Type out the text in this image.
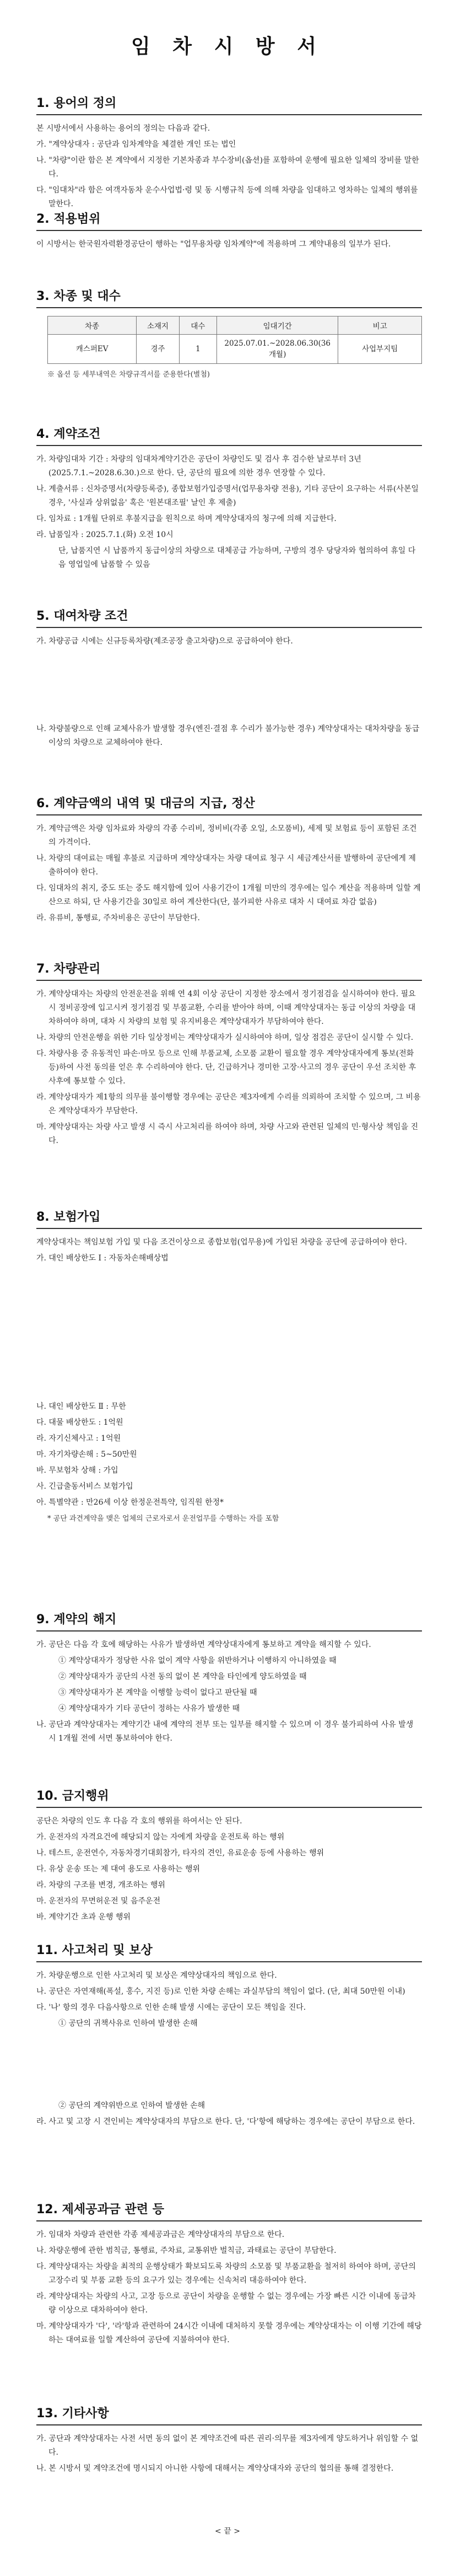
임 차 시 방 서
1. 용어의 정의

본 시방서에서 사용하는 용어의 정의는 다음과 같다.

가. "계약상대자 : 공단과 임차계약을 체결한 개인 또는 법인

나. "차량"이란 함은 본 계약에서 지정한 기본차종과 부수장비(옵션)를 포함하여 운행에 필요한 일체의 장비를 말한다.

다. "임대차"라 함은 여객자동차 운수사업법·령 및 동 시행규칙 등에 의해 차량을 임대하고 영차하는 일체의 행위를 말한다.

2. 적용범위

이 시방서는 한국원자력환경공단이 행하는 "업무용차량 임차계약"에 적용하며 그 계약내용의 일부가 된다.

3. 차종 및 대수
차종	소재지	대수	임대기간	비고
캐스퍼EV	경주	1	2025.07.01.~2028.06.30(36개월)	사업부지팀
※ 옵션 등 세부내역은 차량규격서를 준용한다(별첨)
4. 계약조건

가. 차량임대차 기간 : 차량의 임대차계약기간은 공단이 차량인도 및 검사 후 검수한 날로부터 3년(2025.7.1.~2028.6.30.)으로 한다. 단, 공단의 필요에 의한 경우 연장할 수 있다.

나. 계출서류 : 신차증명서(차량등록증), 종합보험가입증명서(업무용차량 전용), 기타 공단이 요구하는 서류(사본일 경우, '사실과 상위없음' 혹은 '원본대조필' 날인 후 제출)

다. 임차료 : 1개월 단위로 후불지급을 원칙으로 하며 계약상대자의 청구에 의해 지급한다.

라. 납품일자 : 2025.7.1.(화) 오전 10시

단, 납품지연 시 납품까지 동급이상의 차량으로 대체공급 가능하며, 구방의 경우 당당자와 협의하여 휴일 다음 영업일에 납품할 수 있음

5. 대여차량 조건

가. 차량공급 시에는 신규등록차량(제조공장 출고차량)으로 공급하여야 한다.

나. 차량불량으로 인해 교체사유가 발생할 경우(엔진·결점 후 수리가 불가능한 경우) 계약상대자는 대차차량을 동급 이상의 차량으로 교체하여야 한다.

6. 계약금액의 내역 및 대금의 지급, 정산

가. 계약금액은 차량 임차료와 차량의 각종 수리비, 정비비(각종 오일, 소모품비), 세제 및 보험료 등이 포함된 조건의 가격이다.

나. 차량의 대여료는 매월 후불로 지급하며 계약상대자는 차량 대여료 청구 시 세금계산서를 발행하여 공단에게 제출하여야 한다.

다. 임대차의 취지, 중도 또는 중도 해지함에 있어 사용기간이 1개월 미만의 경우에는 일수 계산을 적용하며 일할 계산으로 하되, 단 사용기간을 30일로 하여 계산한다(단, 불가피한 사유로 대차 시 대여료 차감 없음)

라. 유류비, 통행료, 주차비용은 공단이 부담한다.

7. 차량관리

가. 계약상대자는 차량의 안전운전을 위해 연 4회 이상 공단이 지정한 장소에서 정기점검을 실시하여야 한다. 필요시 정비공장에 입고시켜 정기점검 및 부품교환, 수리를 받아야 하며, 이때 계약상대자는 동급 이상의 차량을 대차하여야 하며, 대차 시 차량의 보험 및 유지비용은 계약상대자가 부담하여야 한다.

나. 차량의 안전운행을 위한 기타 일상정비는 계약상대자가 실시하여야 하며, 일상 점검은 공단이 실시할 수 있다.

다. 차량사용 중 유동적인 파손·마모 등으로 인해 부품교체, 소모품 교환이 필요할 경우 계약상대자에게 통보(전화 등)하여 사전 동의를 얻은 후 수리하여야 한다. 단, 긴급하거나 경미한 고장·사고의 경우 공단이 우선 조치한 후 사후에 통보할 수 있다.

라. 계약상대자가 제1항의 의무를 불이행할 경우에는 공단은 제3자에게 수리를 의뢰하여 조치할 수 있으며, 그 비용은 계약상대자가 부담한다.

마. 계약상대자는 차량 사고 발생 시 즉시 사고처리를 하여야 하며, 차량 사고와 관련된 일체의 민·형사상 책임을 진다.

8. 보험가입

계약상대자는 책임보험 가입 및 다음 조건이상으로 종합보험(업무용)에 가입된 차량을 공단에 공급하여야 한다.

가. 대인 배상한도 Ⅰ : 자동차손해배상법

나. 대인 배상한도 Ⅱ : 무한

다. 대물 배상한도 : 1억원

라. 자기신체사고 : 1억원

마. 자기차량손해 : 5~50만원

바. 무보험차 상해 : 가입

사. 긴급출동서비스 보험가입

아. 특별약관 : 만26세 이상 한정운전특약, 임직원 한정*

* 공단 과견계약을 맺은 업체의 근로자로서 운전업무를 수행하는 자를 포함

9. 계약의 해지

가. 공단은 다음 각 호에 해당하는 사유가 발생하면 계약상대자에게 통보하고 계약을 해지할 수 있다.

① 계약상대자가 정당한 사유 없이 계약 사항을 위반하거나 이행하지 아니하였을 때

② 계약상대자가 공단의 사전 동의 없이 본 계약을 타인에게 양도하였을 때

③ 계약상대자가 본 계약을 이행할 능력이 없다고 판단될 때

④ 계약상대자가 기타 공단이 정하는 사유가 발생한 때

나. 공단과 계약상대자는 계약기간 내에 계약의 전부 또는 일부를 해지할 수 있으며 이 경우 불가피하여 사유 발생 시 1개월 전에 서면 통보하여야 한다.

10. 금지행위

공단은 차량의 인도 후 다음 각 호의 행위를 하여서는 안 된다.

가. 운전자의 자격요건에 해당되지 않는 자에게 차량을 운전토록 하는 행위

나. 테스트, 운전연수, 자동차경기대회참가, 타자의 견인, 유료운송 등에 사용하는 행위

다. 유상 운송 또는 제 대여 용도로 사용하는 행위

라. 차량의 구조를 변경, 개조하는 행위

마. 운전자의 무면허운전 및 음주운전

바. 계약기간 초과 운행 행위

11. 사고처리 및 보상

가. 차량운행으로 인한 사고처리 및 보상은 계약상대자의 책임으로 한다.

나. 공단은 자연재해(폭설, 홍수, 지진 등)로 인한 차량 손해는 과실부담의 책임이 없다. (단, 최대 50만원 이내)

다. '나' 항의 경우 다음사항으로 인한 손해 발생 시에는 공단이 모든 책임을 진다.

① 공단의 귀책사유로 인하여 발생한 손해

② 공단의 계약위반으로 인하여 발생한 손해

라. 사고 및 고장 시 견인비는 계약상대자의 부담으로 한다. 단, '다'항에 해당하는 경우에는 공단이 부담으로 한다.

12. 제세공과금 관련 등

가. 임대차 차량과 관련한 각종 제세공과금은 계약상대자의 부담으로 한다.

나. 차량운행에 관한 범칙금, 통행료, 주차료, 교통위반 벌칙금, 과태료는 공단이 부담한다.

다. 계약상대자는 차량을 최적의 운행상태가 확보되도록 차량의 소모품 및 부품교환을 철저히 하여야 하며, 공단의 고장수리 및 부품 교환 등의 요구가 있는 경우에는 신속처리 대응하여야 한다.

라. 계약상대자는 차량의 사고, 고장 등으로 공단이 차량을 운행할 수 없는 경우에는 가장 빠른 시간 이내에 동급차량 이상으로 대차하여야 한다.

마. 계약상대자가 '다', '라'항과 관련하여 24시간 이내에 대처하지 못할 경우에는 계약상대자는 이 이행 기간에 해당하는 대여료를 일할 계산하여 공단에 지불하여야 한다.

13. 기타사항

가. 공단과 계약상대자는 사전 서면 동의 없이 본 계약조건에 따른 권리·의무를 제3자에게 양도하거나 위임할 수 없다.

나. 본 시방서 및 계약조건에 명시되지 아니한 사항에 대해서는 계약상대자와 공단의 협의를 통해 결정한다.

< 끝 >
